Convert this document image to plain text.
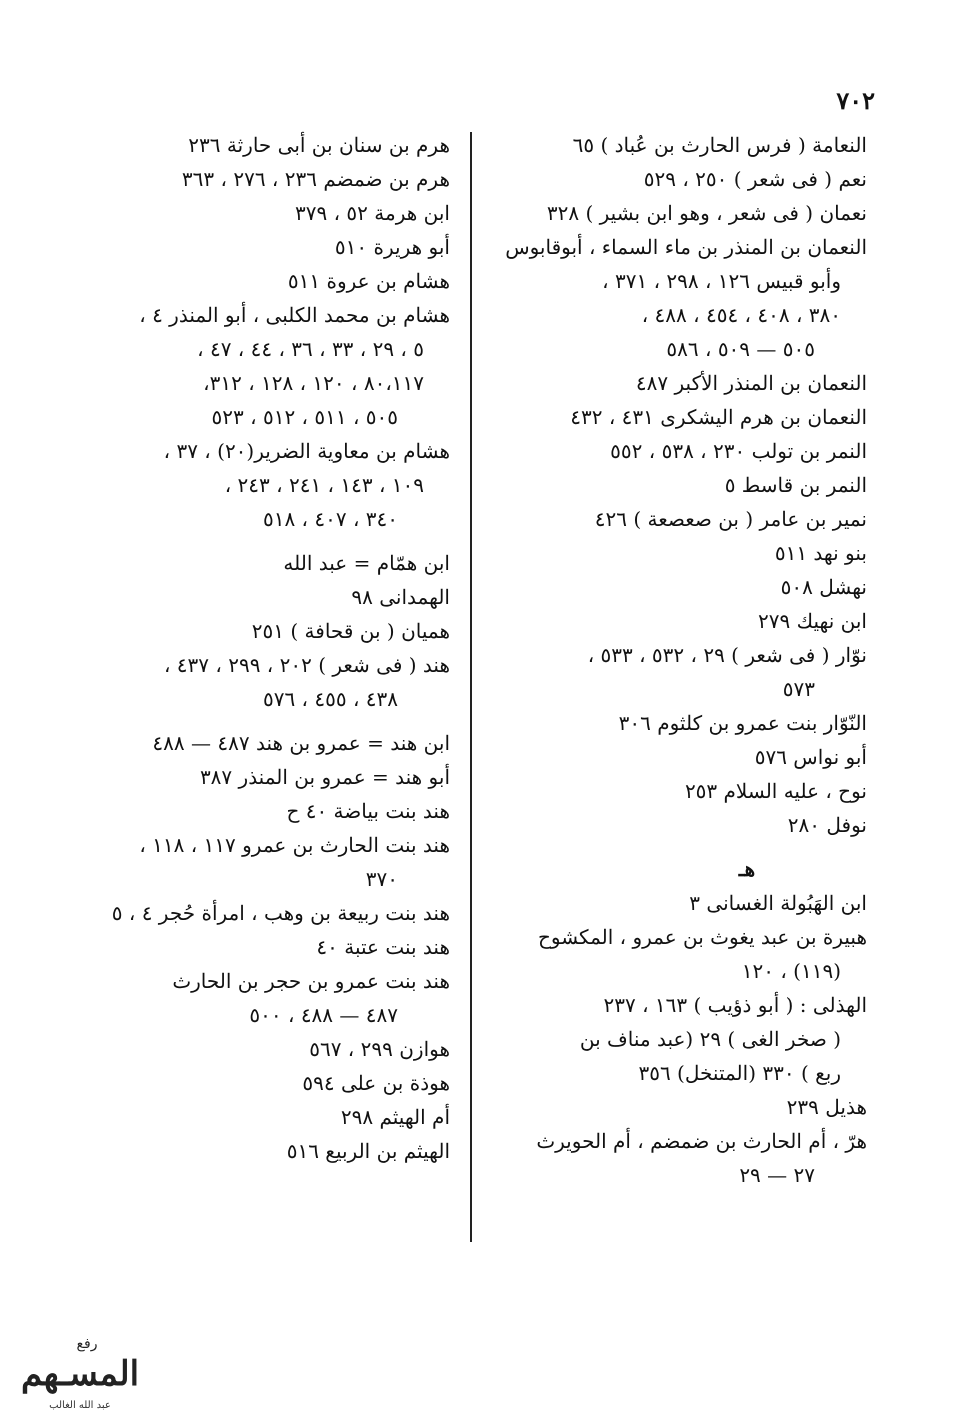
٧٠٢
النعامة ( فرس الحارث بن عُباد ) ٦٥
نعم ( فى شعر ) ٢٥٠ ، ٥٢٩
نعمان ( فى شعر ، وهو ابن بشير ) ٣٢٨
النعمان بن المنذر بن ماء السماء ، أبوقابوس
وأبو قبيس ١٢٦ ، ٢٩٨ ، ٣٧١ ،
٣٨٠ ، ٤٠٨ ، ٤٥٤ ، ٤٨٨ ،
٥٠٥ — ٥٠٩ ، ٥٨٦
النعمان بن المنذر الأكبر ٤٨٧
النعمان بن هرم اليشكرى ٤٣١ ، ٤٣٢
النمر بن تولب ٢٣٠ ، ٥٣٨ ، ٥٥٢
النمر بن قاسط ٥
نمير بن عامر ( بن صعصعة ) ٤٢٦
بنو نهد ٥١١
نهشل ٥٠٨
ابن نهيك ٢٧٩
نوّار ( فى شعر ) ٢٩ ، ٥٣٢ ، ٥٣٣ ،
٥٧٣
النّوّار بنت عمرو بن كلثوم ٣٠٦
أبو نواس ٥٧٦
نوح ، عليه السلام ٢٥٣
نوفل ٢٨٠
هـ
ابن الهَبُولة الغسانى ٣
هبيرة بن عبد يغوث بن عمرو ، المكشوح
(١١٩) ، ١٢٠
الهذلى : ( أبو ذؤيب ) ١٦٣ ، ٢٣٧
( صخر الغى ) ٢٩ (عبد مناف بن
ربع ) ٣٣٠ (المتنخل) ٣٥٦
هذيل ٢٣٩
هرّ ، أم الحارث بن ضمضم ، أم الحويرث
٢٧ — ٢٩
هرم بن سنان بن أبى حارثة ٢٣٦
هرم بن ضمضم ٢٣٦ ، ٢٧٦ ، ٣٦٣
ابن هرمة ٥٢ ، ٣٧٩
أبو هريرة ٥١٠
هشام بن عروة ٥١١
هشام بن محمد الكلبى ، أبو المنذر ٤ ،
٥ ، ٢٩ ، ٣٣ ، ٣٦ ، ٤٤ ، ٤٧ ،
٨٠،١١٧ ، ١٢٠ ، ١٢٨ ، ٣١٢،
٥٠٥ ، ٥١١ ، ٥١٢ ، ٥٢٣
هشام بن معاوية الضرير(٢٠) ، ٣٧ ،
١٠٩ ، ١٤٣ ، ٢٤١ ، ٢٤٣ ،
٣٤٠ ، ٤٠٧ ، ٥١٨
ابن همّام = عبد الله
الهمدانى ٩٨
هميان ( بن قحافة ) ٢٥١
هند ( فى شعر ) ٢٠٢ ، ٢٩٩ ، ٤٣٧ ،
٤٣٨ ، ٤٥٥ ، ٥٧٦
ابن هند = عمرو بن هند ٤٨٧ — ٤٨٨
أبو هند = عمرو بن المنذر ٣٨٧
هند بنت بياضة ٤٠ ح
هند بنت الحارث بن عمرو ١١٧ ، ١١٨ ،
٣٧٠
هند بنت ربيعة بن وهب ، امرأة حُجر ٤ ، ٥
هند بنت عتبة ٤٠
هند بنت عمرو بن حجر بن الحارث
٤٨٧ — ٤٨٨ ، ٥٠٠
هوازن ٢٩٩ ، ٥٦٧
هوذة بن على ٥٩٤
أم الهيثم ٢٩٨
الهيثم بن الربيع ٥١٦
رفع
المسـهم
عبد الله الغالب
